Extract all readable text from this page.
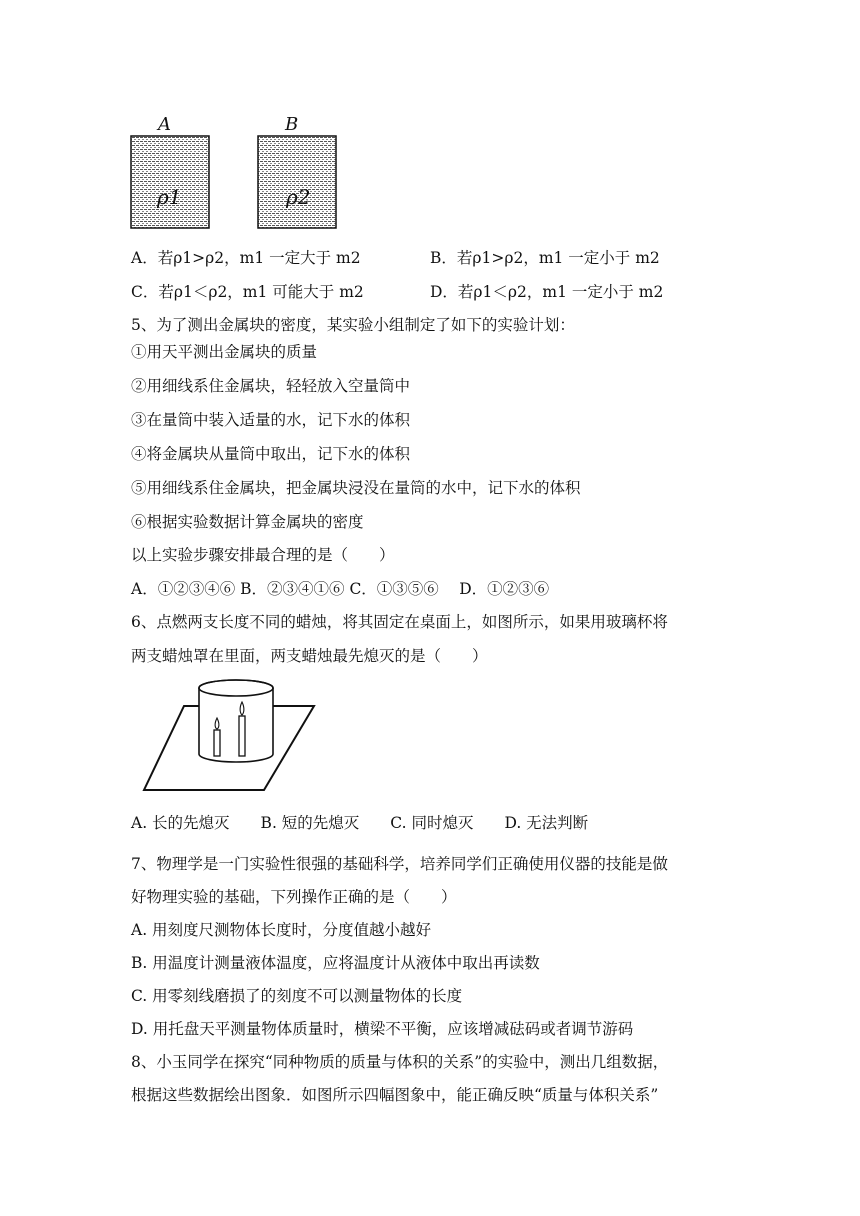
A	B
ρ1	ρ2
A．若ρ1>ρ2，m1 一定大于 m2	B．若ρ1>ρ2，m1 一定小于 m2
C．若ρ1＜ρ2，m1 可能大于 m2	D．若ρ1＜ρ2，m1 一定小于 m2
5、为了测出金属块的密度，某实验小组制定了如下的实验计划：
①用天平测出金属块的质量
②用细线系住金属块，轻轻放入空量筒中
③在量筒中装入适量的水，记下水的体积
④将金属块从量筒中取出，记下水的体积
⑤用细线系住金属块，把金属块浸没在量筒的水中，记下水的体积
⑥根据实验数据计算金属块的密度
以上实验步骤安排最合理的是（　　）
A．①②③④⑥ B．②③④①⑥ C．①③⑤⑥　 D．①②③⑥
6、点燃两支长度不同的蜡烛，将其固定在桌面上，如图所示，如果用玻璃杯将
两支蜡烛罩在里面，两支蜡烛最先熄灭的是（　　）
A. 长的先熄灭　　B. 短的先熄灭　　C. 同时熄灭　　D. 无法判断
7、物理学是一门实验性很强的基础科学，培养同学们正确使用仪器的技能是做
好物理实验的基础，下列操作正确的是（　　）
A. 用刻度尺测物体长度时，分度值越小越好
B. 用温度计测量液体温度，应将温度计从液体中取出再读数
C. 用零刻线磨损了的刻度不可以测量物体的长度
D. 用托盘天平测量物体质量时，横梁不平衡，应该增减砝码或者调节游码
8、小玉同学在探究“同种物质的质量与体积的关系”的实验中，测出几组数据，
根据这些数据绘出图象．如图所示四幅图象中，能正确反映“质量与体积关系”
